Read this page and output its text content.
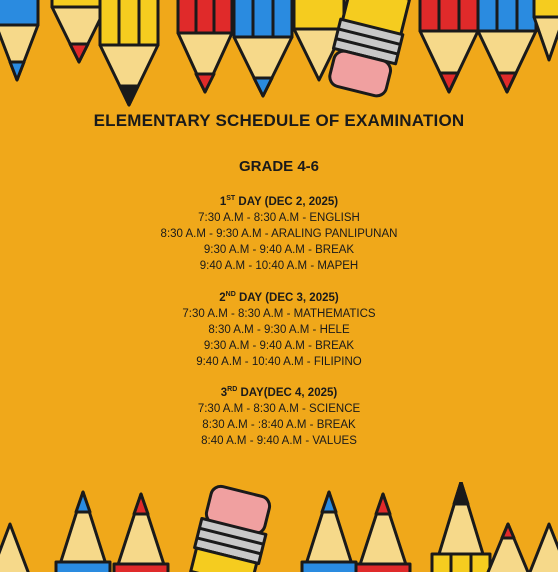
ELEMENTARY SCHEDULE OF EXAMINATION
GRADE 4-6
1ST DAY (DEC 2, 2025)
7:30 A.M - 8:30 A.M - ENGLISH
8:30 A.M - 9:30 A.M - ARALING PANLIPUNAN
9:30 A.M - 9:40 A.M - BREAK
9:40 A.M - 10:40 A.M - MAPEH
2ND DAY (DEC 3, 2025)
7:30 A.M - 8:30 A.M - MATHEMATICS
8:30 A.M - 9:30 A.M - HELE
9:30 A.M - 9:40 A.M - BREAK
9:40 A.M - 10:40 A.M - FILIPINO
3RD DAY(DEC 4, 2025)
7:30 A.M - 8:30 A.M - SCIENCE
8:30 A.M - :8:40 A.M - BREAK
8:40 A.M - 9:40 A.M - VALUES
